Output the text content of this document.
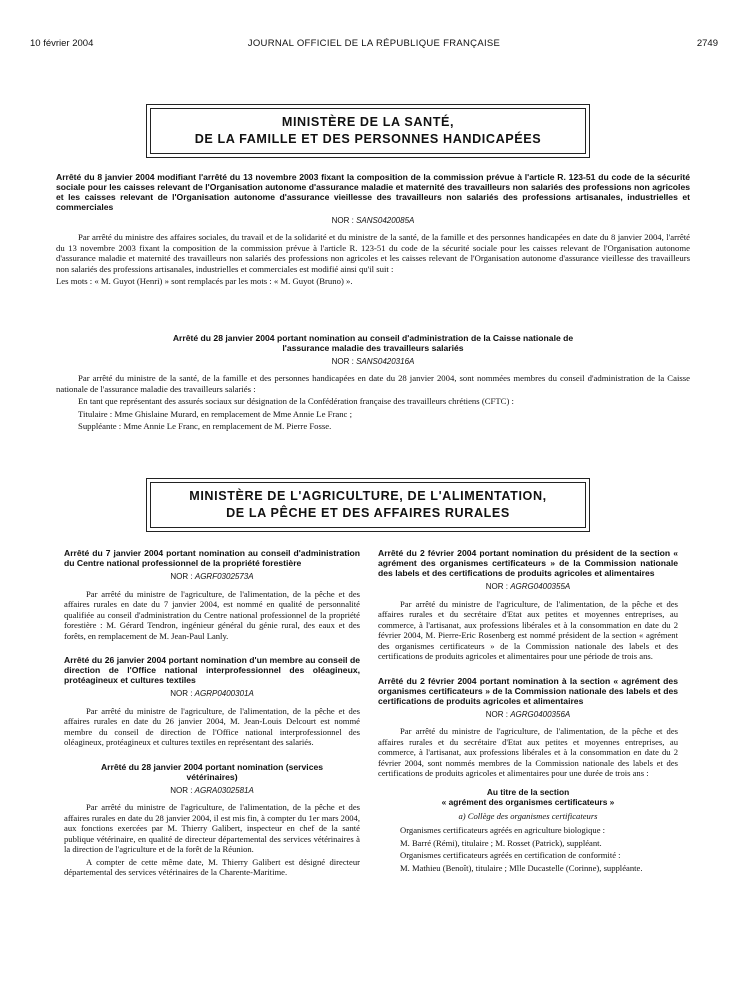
10 février 2004	JOURNAL OFFICIEL DE LA RÉPUBLIQUE FRANÇAISE	2749
MINISTÈRE DE LA SANTÉ,
DE LA FAMILLE ET DES PERSONNES HANDICAPÉES
Arrêté du 8 janvier 2004 modifiant l'arrêté du 13 novembre 2003 fixant la composition de la commission prévue à l'article R. 123-51 du code de la sécurité sociale pour les caisses relevant de l'Organisation autonome d'assurance maladie et maternité des travailleurs non salariés des professions non agricoles et les caisses relevant de l'Organisation autonome d'assurance vieillesse des travailleurs non salariés des professions artisanales, industrielles et commerciales
NOR : SANS0420085A

Par arrêté du ministre des affaires sociales, du travail et de la solidarité et du ministre de la santé, de la famille et des personnes handicapées en date du 8 janvier 2004, l'arrêté du 13 novembre 2003 fixant la composition de la commission prévue à l'article R. 123-51 du code de la sécurité sociale pour les caisses relevant de l'Organisation autonome d'assurance maladie et maternité des travailleurs non salariés des professions non agricoles et les caisses relevant de l'Organisation autonome d'assurance vieillesse des travailleurs non salariés des professions artisanales, industrielles et commerciales est modifié ainsi qu'il suit :

Les mots : « M. Guyot (Henri) » sont remplacés par les mots : « M. Guyot (Bruno) ».

Arrêté du 28 janvier 2004 portant nomination au conseil d'administration de la Caisse nationale de l'assurance maladie des travailleurs salariés
NOR : SANS0420316A

Par arrêté du ministre de la santé, de la famille et des personnes handicapées en date du 28 janvier 2004, sont nommées membres du conseil d'administration de la Caisse nationale de l'assurance maladie des travailleurs salariés :

En tant que représentant des assurés sociaux sur désignation de la Confédération française des travailleurs chrétiens (CFTC) :

Titulaire : Mme Ghislaine Murard, en remplacement de Mme Annie Le Franc ;

Suppléante : Mme Annie Le Franc, en remplacement de M. Pierre Fosse.

MINISTÈRE DE L'AGRICULTURE, DE L'ALIMENTATION,
DE LA PÊCHE ET DES AFFAIRES RURALES
Arrêté du 7 janvier 2004 portant nomination au conseil d'administration du Centre national professionnel de la propriété forestière
NOR : AGRF0302573A

Par arrêté du ministre de l'agriculture, de l'alimentation, de la pêche et des affaires rurales en date du 7 janvier 2004, est nommé en qualité de personnalité qualifiée au conseil d'administration du Centre national professionnel de la propriété forestière : M. Gérard Tendron, ingénieur général du génie rural, des eaux et des forêts, en remplacement de M. Jean-Paul Lanly.

Arrêté du 26 janvier 2004 portant nomination d'un membre au conseil de direction de l'Office national interprofessionnel des oléagineux, protéagineux et cultures textiles
NOR : AGRP0400301A

Par arrêté du ministre de l'agriculture, de l'alimentation, de la pêche et des affaires rurales en date du 26 janvier 2004, M. Jean-Louis Delcourt est nommé membre du conseil de direction de l'Office national interprofessionnel des oléagineux, protéagineux et cultures textiles en représentant des salariés.

Arrêté du 28 janvier 2004 portant nomination (services vétérinaires)
NOR : AGRA0302581A

Par arrêté du ministre de l'agriculture, de l'alimentation, de la pêche et des affaires rurales en date du 28 janvier 2004, il est mis fin, à compter du 1er mars 2004, aux fonctions exercées par M. Thierry Galibert, inspecteur en chef de la santé publique vétérinaire, en qualité de directeur départemental des services vétérinaires à la direction de l'agriculture et de la forêt de la Réunion.

A compter de cette même date, M. Thierry Galibert est désigné directeur départemental des services vétérinaires de la Charente-Maritime.

Arrêté du 2 février 2004 portant nomination du président de la section « agrément des organismes certificateurs » de la Commission nationale des labels et des certifications de produits agricoles et alimentaires
NOR : AGRG0400355A

Par arrêté du ministre de l'agriculture, de l'alimentation, de la pêche et des affaires rurales et du secrétaire d'Etat aux petites et moyennes entreprises, au commerce, à l'artisanat, aux professions libérales et à la consommation en date du 2 février 2004, M. Pierre-Eric Rosenberg est nommé président de la section « agrément des organismes certificateurs » de la Commission nationale des labels et des certifications de produits agricoles et alimentaires pour une période de trois ans.

Arrêté du 2 février 2004 portant nomination à la section « agrément des organismes certificateurs » de la Commission nationale des labels et des certifications de produits agricoles et alimentaires
NOR : AGRG0400356A

Par arrêté du ministre de l'agriculture, de l'alimentation, de la pêche et des affaires rurales et du secrétaire d'Etat aux petites et moyennes entreprises, au commerce, à l'artisanat, aux professions libérales et à la consommation en date du 2 février 2004, sont nommés membres de la Commission nationale des labels et des certifications de produits agricoles et alimentaires pour une durée de trois ans :

Au titre de la section
« agrément des organismes certificateurs »
a) Collège des organismes certificateurs

Organismes certificateurs agréés en agriculture biologique :

M. Barré (Rémi), titulaire ; M. Rosset (Patrick), suppléant.

Organismes certificateurs agréés en certification de conformité :

M. Mathieu (Benoît), titulaire ; Mlle Ducastelle (Corinne), suppléante.
